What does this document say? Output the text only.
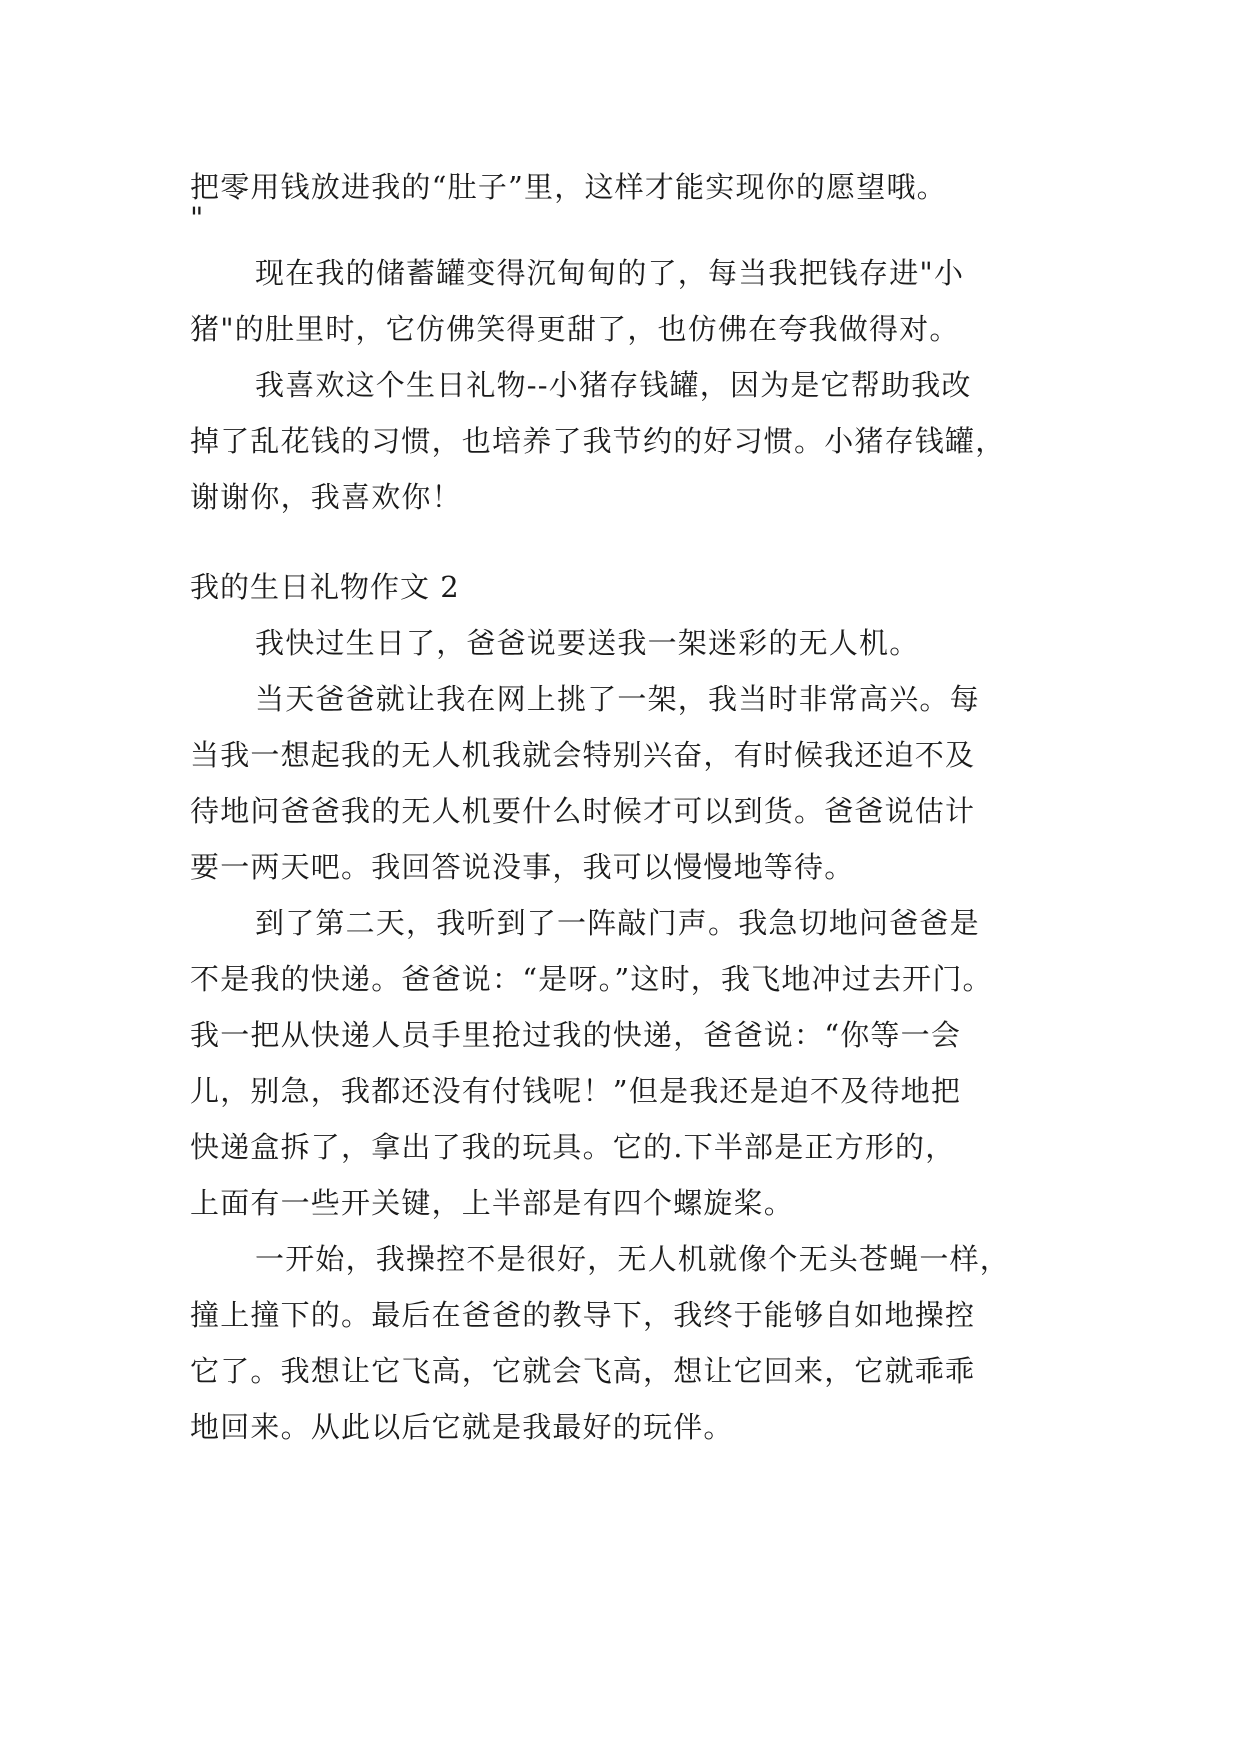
把零用钱放进我的“肚子”里，这样才能实现你的愿望哦。
"
现在我的储蓄罐变得沉甸甸的了，每当我把钱存进"小
猪"的肚里时，它仿佛笑得更甜了，也仿佛在夸我做得对。
我喜欢这个生日礼物--小猪存钱罐，因为是它帮助我改
掉了乱花钱的习惯，也培养了我节约的好习惯。小猪存钱罐，
谢谢你，我喜欢你！
我的生日礼物作文 2
我快过生日了，爸爸说要送我一架迷彩的无人机。
当天爸爸就让我在网上挑了一架，我当时非常高兴。每
当我一想起我的无人机我就会特别兴奋，有时候我还迫不及
待地问爸爸我的无人机要什么时候才可以到货。爸爸说估计
要一两天吧。我回答说没事，我可以慢慢地等待。
到了第二天，我听到了一阵敲门声。我急切地问爸爸是
不是我的快递。爸爸说：“是呀。”这时，我飞地冲过去开门。
我一把从快递人员手里抢过我的快递，爸爸说：“你等一会
儿，别急，我都还没有付钱呢！”但是我还是迫不及待地把
快递盒拆了，拿出了我的玩具。它的.下半部是正方形的，
上面有一些开关键，上半部是有四个螺旋桨。
一开始，我操控不是很好，无人机就像个无头苍蝇一样，
撞上撞下的。最后在爸爸的教导下，我终于能够自如地操控
它了。我想让它飞高，它就会飞高，想让它回来，它就乖乖
地回来。从此以后它就是我最好的玩伴。
